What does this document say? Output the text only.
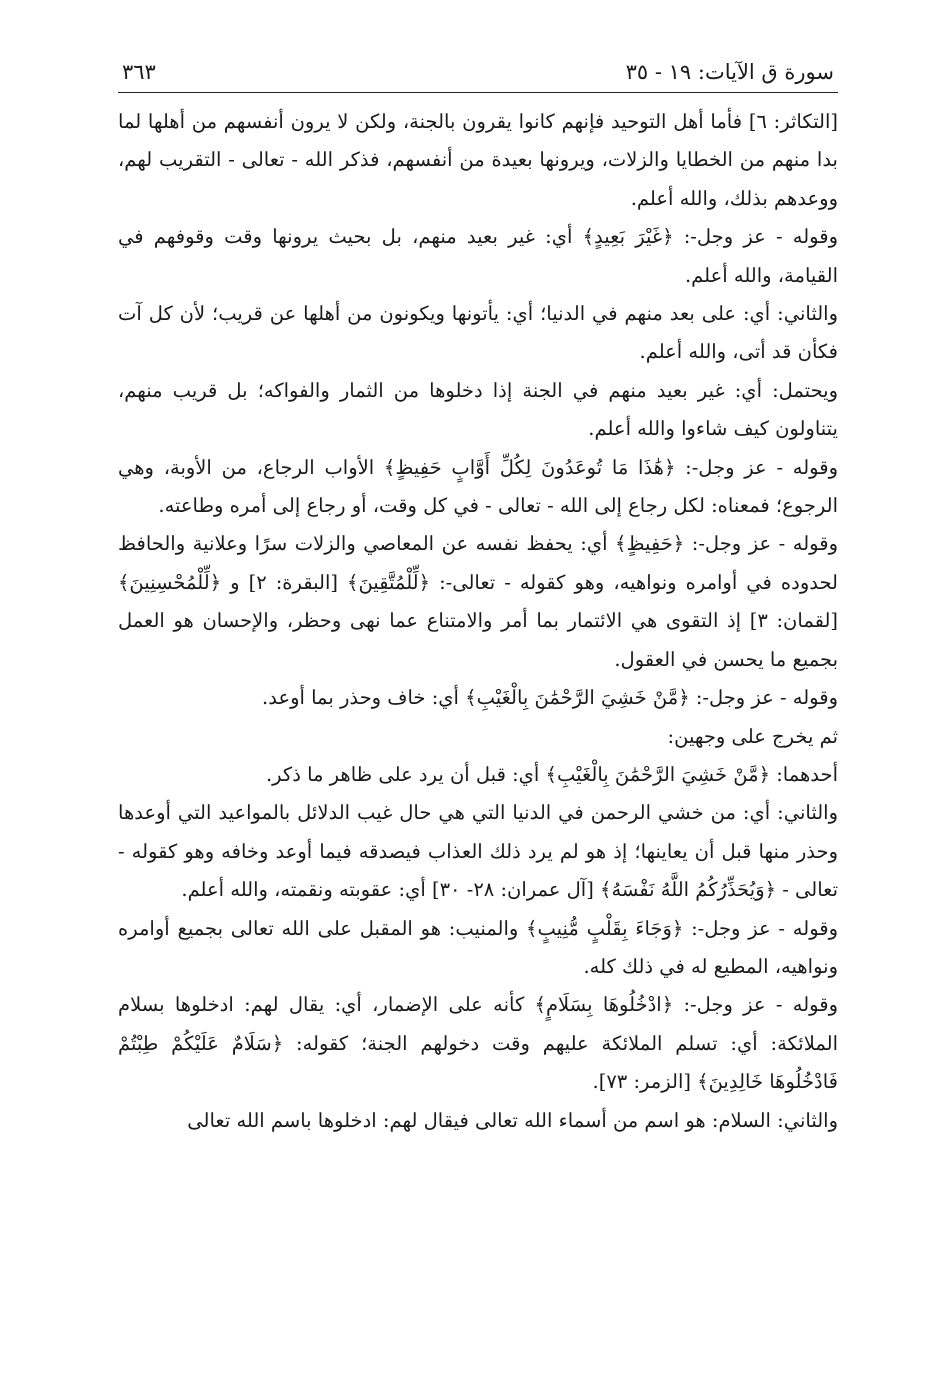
سورة ق الآيات: ١٩ - ٣٥
٣٦٣

[التكاثر: ٦] فأما أهل التوحيد فإنهم كانوا يقرون بالجنة، ولكن لا يرون أنفسهم من أهلها لما بدا منهم من الخطايا والزلات، ويرونها بعيدة من أنفسهم، فذكر الله - تعالى - التقريب لهم، ووعدهم بذلك، والله أعلم.

وقوله - عز وجل-: ﴿غَيْرَ بَعِيدٍ﴾ أي: غير بعيد منهم، بل بحيث يرونها وقت وقوفهم في القيامة، والله أعلم.

والثاني: أي: على بعد منهم في الدنيا؛ أي: يأتونها ويكونون من أهلها عن قريب؛ لأن كل آت فكأن قد أتى، والله أعلم.

ويحتمل: أي: غير بعيد منهم في الجنة إذا دخلوها من الثمار والفواكه؛ بل قريب منهم، يتناولون كيف شاءوا والله أعلم.

وقوله - عز وجل-: ﴿هَٰذَا مَا تُوعَدُونَ لِكُلِّ أَوَّابٍ حَفِيظٍ﴾ الأواب الرجاع، من الأوبة، وهي الرجوع؛ فمعناه: لكل رجاع إلى الله - تعالى - في كل وقت، أو رجاع إلى أمره وطاعته.

وقوله - عز وجل-: ﴿حَفِيظٍ﴾ أي: يحفظ نفسه عن المعاصي والزلات سرًا وعلانية والحافظ لحدوده في أوامره ونواهيه، وهو كقوله - تعالى-: ﴿لِّلْمُتَّقِينَ﴾ [البقرة: ٢] و ﴿لِّلْمُحْسِنِينَ﴾ [لقمان: ٣] إذ التقوى هي الائتمار بما أمر والامتناع عما نهى وحظر، والإحسان هو العمل بجميع ما يحسن في العقول.

وقوله - عز وجل-: ﴿مَّنْ خَشِيَ الرَّحْمَٰنَ بِالْغَيْبِ﴾ أي: خاف وحذر بما أوعد.

ثم يخرج على وجهين:

أحدهما: ﴿مَّنْ خَشِيَ الرَّحْمَٰنَ بِالْغَيْبِ﴾ أي: قبل أن يرد على ظاهر ما ذكر.

والثاني: أي: من خشي الرحمن في الدنيا التي هي حال غيب الدلائل بالمواعيد التي أوعدها وحذر منها قبل أن يعاينها؛ إذ هو لم يرد ذلك العذاب فيصدقه فيما أوعد وخافه وهو كقوله - تعالى - ﴿وَيُحَذِّرُكُمُ اللَّهُ نَفْسَهُ﴾ [آل عمران: ٢٨- ٣٠] أي: عقوبته ونقمته، والله أعلم.

وقوله - عز وجل-: ﴿وَجَاءَ بِقَلْبٍ مُّنِيبٍ﴾ والمنيب: هو المقبل على الله تعالى بجميع أوامره ونواهيه، المطيع له في ذلك كله.

وقوله - عز وجل-: ﴿ادْخُلُوهَا بِسَلَامٍ﴾ كأنه على الإضمار، أي: يقال لهم: ادخلوها بسلام الملائكة: أي: تسلم الملائكة عليهم وقت دخولهم الجنة؛ كقوله: ﴿سَلَامٌ عَلَيْكُمْ طِبْتُمْ فَادْخُلُوهَا خَالِدِينَ﴾ [الزمر: ٧٣].

والثاني: السلام: هو اسم من أسماء الله تعالى فيقال لهم: ادخلوها باسم الله تعالى
